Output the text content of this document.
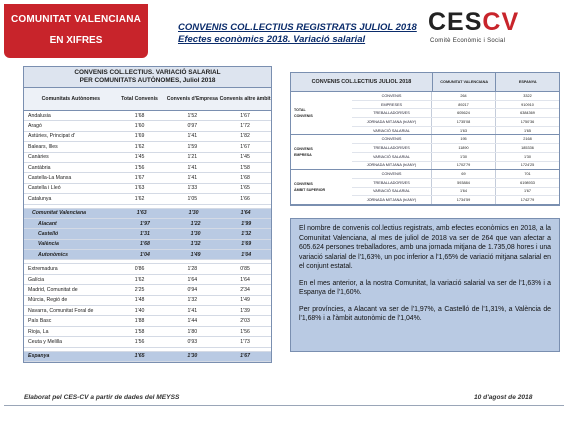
COMUNITAT VALENCIANA
EN XIFRES
CONVENIS COL.LECTIUS REGISTRATS JULIOL 2018
Efectes econòmics 2018. Variació salarial
CESCV
Comitè Econòmic i Social
CONVENIS COL.LECTIUS. VARIACIÓ SALARIAL
PER COMUNITATS AUTÒNOMES, Juliol 2018
Comunitats Autònomes	Total Convenis	Convenis d'Empresa Convenis altre àmbit
Andalusia	1'68	1'52	1'67
Aragó	1'60	0'97	1'72
Astúries, Principat d'	1'69	1'41	1'82
Balears, Illes	1'62	1'59	1'67
Canàries	1'45	1'21	1'45
Cantàbria	1'56	1'41	1'58
Castella-La Manxa	1'67	1'41	1'68
Castella i Lleó	1'63	1'33	1'65
Catalunya	1'62	1'05	1'66
Comunitat Valenciana	1'63	1'30	1'64
Alacant	1'97	1'22	1'99
Castelló	1'31	1'30	1'32
València	1'68	1'32	1'69
Autonòmics	1'04	1'49	1'04
Extremadura	0'86	1'28	0'85
Galícia	1'62	1'64	1'64
Madrid, Comunitat de	2'25	0'94	2'34
Múrcia, Regió de	1'48	1'32	1'49
Navarra, Comunitat Foral de	1'40	1'41	1'39
País Basc	1'88	1'44	2'03
Rioja, La	1'58	1'80	1'56
Ceuta y Melilla	1'56	0'93	1'73
Espanya	1'65	1'30	1'67
CONVENIS COL.LECTIUS JULIOL 2018	COMUNITAT VALENCIANA	ESPANYA
TOTAL
CONVENIS
CONVENIS	264	3322
EMPRESES	89217	910910
TREBALLADORS/ES	605624	6384369
JORNADA MITJANA (h/ANY)	1735'08	1750'36
VARIACIÓ SALARIAL	1'63	1'65
CONVENIS
EMPRESA
CONVENIS	195	2168
TREBALLADORS/ES	11890	185336
VARIACIÓ SALARIAL	1'30	1'30
JORNADA MITJANA (h/ANY)	1702'79	1724'25
CONVENIS
ÀMBIT SUPERIOR
CONVENIS	69	701
TREBALLADORS/ES	593884	6198933
VARIACIÓ SALARIAL	1'64	1'67
JORNADA MITJANA (h/ANY)	1734'59	1742'79

El nombre de convenis col.lectius registrats, amb efectes econòmics en 2018, a la Comunitat Valenciana, al mes de juliol de 2018 va ser de 264 que van afectar a 605.624 persones treballadores, amb una jornada mitjana de 1.735,08 hores i una variació salarial de l'1,63%, un poc inferior a l'1,65% de variació mitjana salarial en el conjunt estatal.

En el mes anterior, a la nostra Comunitat, la variació salarial va ser de l'1,63% i a Espanya de l'1,60%.

Per províncies, a Alacant va ser de l'1,97%, a Castelló de l'1,31%, a València de l'1,68% i a l'àmbit autonòmic de l'1,04%.

Elaborat pel CES-CV a partir de dades del MEYSS	10 d'agost de 2018
